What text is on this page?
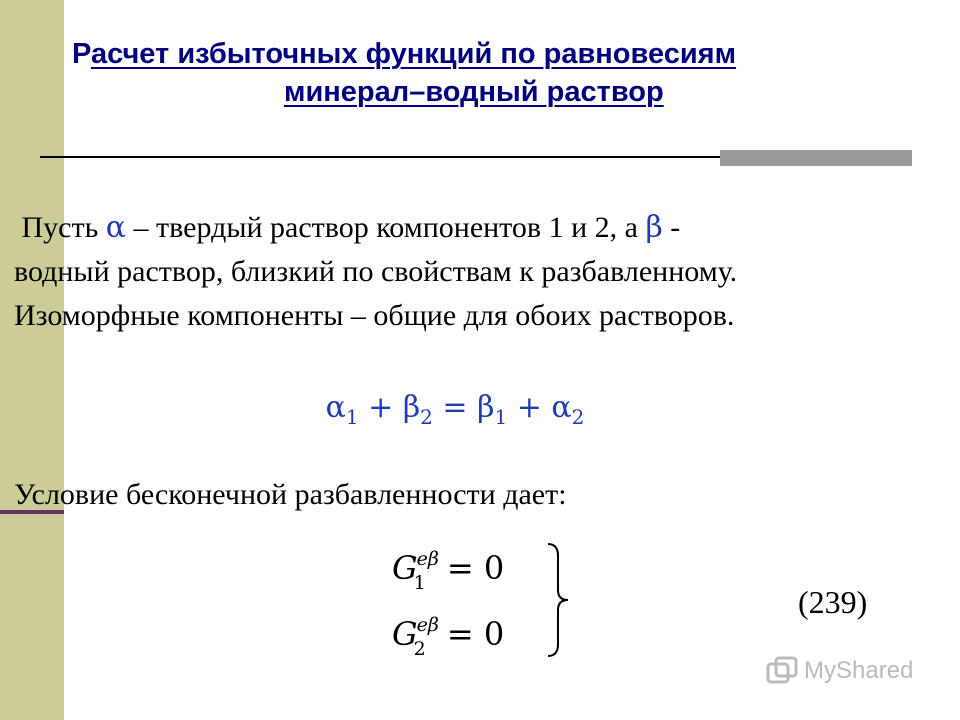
Расчет избыточных функций по равновесиям
минерал–водный раствор
Пусть α – твердый раствор компонентов 1 и 2, а β -
водный раствор, близкий по свойствам к разбавленному.
Изоморфные компоненты – общие для обоих растворов.
$\alpha_1 + \beta_2 = \beta_1 + \alpha_2$
Условие бесконечной разбавленности дает:
$G_1^{e\beta} = 0$
$G_2^{e\beta} = 0$
(239)
MyShared
